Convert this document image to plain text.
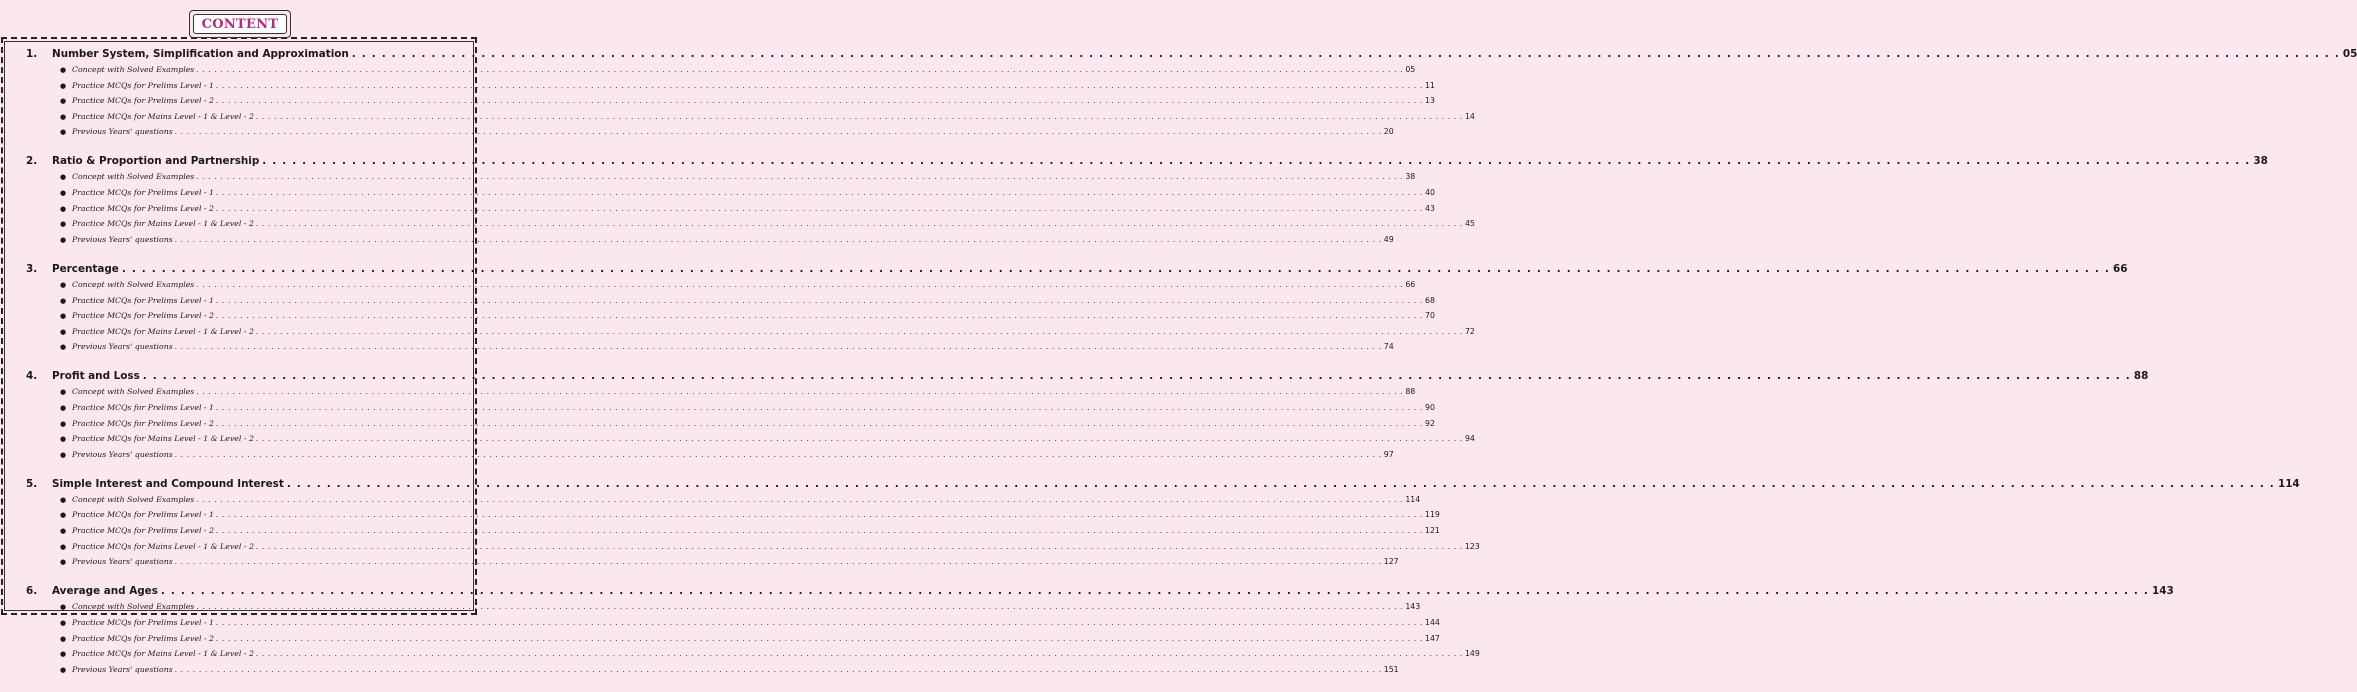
CONTENT
1.	Number System, Simplification and Approximation . . . . . . . . . . . . . . . . . . . . . . . . . . . . . . . . . . . . . . . . . . . . . . . . . . . . . . . . . . . . . . . . . . . . . . . . . . . . . . . . . . . . . . . . . . . . . . . . . . . . . . . . . . . . . . . . . . . . . . . . . . . . . . . . . . . . . . . . . . . . . . . . . . . . . . . . . . . . . . . . . . . . . . . . . . . . . . . . . . . . . . . . . . . . . . . . . . . . . . . . 05
● Concept with Solved Examples . . . . . . . . . . . . . . . . . . . . . . . . . . . . . . . . . . . . . . . . . . . . . . . . . . . . . . . . . . . . . . . . . . . . . . . . . . . . . . . . . . . . . . . . . . . . . . . . . . . . . . . . . . . . . . . . . . . . . . . . . . . . . . . . . . . . . . . . . . . . . . . . . . . . . . . . . . . . . . . . . . . . . . . . . . . . . . . . . . . . . . . . . . . . . . . . . . . . . . . . 05
● Practice MCQs for Prelims Level - 1 . . . . . . . . . . . . . . . . . . . . . . . . . . . . . . . . . . . . . . . . . . . . . . . . . . . . . . . . . . . . . . . . . . . . . . . . . . . . . . . . . . . . . . . . . . . . . . . . . . . . . . . . . . . . . . . . . . . . . . . . . . . . . . . . . . . . . . . . . . . . . . . . . . . . . . . . . . . . . . . . . . . . . . . . . . . . . . . . . . . . . . . . . . . . . . . . . . . . . . . . 11
● Practice MCQs for Prelims Level - 2 . . . . . . . . . . . . . . . . . . . . . . . . . . . . . . . . . . . . . . . . . . . . . . . . . . . . . . . . . . . . . . . . . . . . . . . . . . . . . . . . . . . . . . . . . . . . . . . . . . . . . . . . . . . . . . . . . . . . . . . . . . . . . . . . . . . . . . . . . . . . . . . . . . . . . . . . . . . . . . . . . . . . . . . . . . . . . . . . . . . . . . . . . . . . . . . . . . . . . . . . 13
● Practice MCQs for Mains Level - 1 & Level - 2 . . . . . . . . . . . . . . . . . . . . . . . . . . . . . . . . . . . . . . . . . . . . . . . . . . . . . . . . . . . . . . . . . . . . . . . . . . . . . . . . . . . . . . . . . . . . . . . . . . . . . . . . . . . . . . . . . . . . . . . . . . . . . . . . . . . . . . . . . . . . . . . . . . . . . . . . . . . . . . . . . . . . . . . . . . . . . . . . . . . . . . . . . . . . . . . . . . . . . . . . 14
● Previous Years' questions . . . . . . . . . . . . . . . . . . . . . . . . . . . . . . . . . . . . . . . . . . . . . . . . . . . . . . . . . . . . . . . . . . . . . . . . . . . . . . . . . . . . . . . . . . . . . . . . . . . . . . . . . . . . . . . . . . . . . . . . . . . . . . . . . . . . . . . . . . . . . . . . . . . . . . . . . . . . . . . . . . . . . . . . . . . . . . . . . . . . . . . . . . . . . . . . . . . . . . . . 20
2.	Ratio & Proportion and Partnership . . . . . . . . . . . . . . . . . . . . . . . . . . . . . . . . . . . . . . . . . . . . . . . . . . . . . . . . . . . . . . . . . . . . . . . . . . . . . . . . . . . . . . . . . . . . . . . . . . . . . . . . . . . . . . . . . . . . . . . . . . . . . . . . . . . . . . . . . . . . . . . . . . . . . . . . . . . . . . . . . . . . . . . . . . . . . . . . . . . . . . . . . . . . . . . . . . . . . . . . 38
● Concept with Solved Examples . . . . . . . . . . . . . . . . . . . . . . . . . . . . . . . . . . . . . . . . . . . . . . . . . . . . . . . . . . . . . . . . . . . . . . . . . . . . . . . . . . . . . . . . . . . . . . . . . . . . . . . . . . . . . . . . . . . . . . . . . . . . . . . . . . . . . . . . . . . . . . . . . . . . . . . . . . . . . . . . . . . . . . . . . . . . . . . . . . . . . . . . . . . . . . . . . . . . . . . . 38
● Practice MCQs for Prelims Level - 1 . . . . . . . . . . . . . . . . . . . . . . . . . . . . . . . . . . . . . . . . . . . . . . . . . . . . . . . . . . . . . . . . . . . . . . . . . . . . . . . . . . . . . . . . . . . . . . . . . . . . . . . . . . . . . . . . . . . . . . . . . . . . . . . . . . . . . . . . . . . . . . . . . . . . . . . . . . . . . . . . . . . . . . . . . . . . . . . . . . . . . . . . . . . . . . . . . . . . . . . . 40
● Practice MCQs for Prelims Level - 2 . . . . . . . . . . . . . . . . . . . . . . . . . . . . . . . . . . . . . . . . . . . . . . . . . . . . . . . . . . . . . . . . . . . . . . . . . . . . . . . . . . . . . . . . . . . . . . . . . . . . . . . . . . . . . . . . . . . . . . . . . . . . . . . . . . . . . . . . . . . . . . . . . . . . . . . . . . . . . . . . . . . . . . . . . . . . . . . . . . . . . . . . . . . . . . . . . . . . . . . . 43
● Practice MCQs for Mains Level - 1 & Level - 2 . . . . . . . . . . . . . . . . . . . . . . . . . . . . . . . . . . . . . . . . . . . . . . . . . . . . . . . . . . . . . . . . . . . . . . . . . . . . . . . . . . . . . . . . . . . . . . . . . . . . . . . . . . . . . . . . . . . . . . . . . . . . . . . . . . . . . . . . . . . . . . . . . . . . . . . . . . . . . . . . . . . . . . . . . . . . . . . . . . . . . . . . . . . . . . . . . . . . . . . . 45
● Previous Years' questions . . . . . . . . . . . . . . . . . . . . . . . . . . . . . . . . . . . . . . . . . . . . . . . . . . . . . . . . . . . . . . . . . . . . . . . . . . . . . . . . . . . . . . . . . . . . . . . . . . . . . . . . . . . . . . . . . . . . . . . . . . . . . . . . . . . . . . . . . . . . . . . . . . . . . . . . . . . . . . . . . . . . . . . . . . . . . . . . . . . . . . . . . . . . . . . . . . . . . . . . 49
3.	Percentage . . . . . . . . . . . . . . . . . . . . . . . . . . . . . . . . . . . . . . . . . . . . . . . . . . . . . . . . . . . . . . . . . . . . . . . . . . . . . . . . . . . . . . . . . . . . . . . . . . . . . . . . . . . . . . . . . . . . . . . . . . . . . . . . . . . . . . . . . . . . . . . . . . . . . . . . . . . . . . . . . . . . . . . . . . . . . . . . . . . . . . . . . . . . . . . . . . . . . . . . 66
● Concept with Solved Examples . . . . . . . . . . . . . . . . . . . . . . . . . . . . . . . . . . . . . . . . . . . . . . . . . . . . . . . . . . . . . . . . . . . . . . . . . . . . . . . . . . . . . . . . . . . . . . . . . . . . . . . . . . . . . . . . . . . . . . . . . . . . . . . . . . . . . . . . . . . . . . . . . . . . . . . . . . . . . . . . . . . . . . . . . . . . . . . . . . . . . . . . . . . . . . . . . . . . . . . . 66
● Practice MCQs for Prelims Level - 1 . . . . . . . . . . . . . . . . . . . . . . . . . . . . . . . . . . . . . . . . . . . . . . . . . . . . . . . . . . . . . . . . . . . . . . . . . . . . . . . . . . . . . . . . . . . . . . . . . . . . . . . . . . . . . . . . . . . . . . . . . . . . . . . . . . . . . . . . . . . . . . . . . . . . . . . . . . . . . . . . . . . . . . . . . . . . . . . . . . . . . . . . . . . . . . . . . . . . . . . . 68
● Practice MCQs for Prelims Level - 2 . . . . . . . . . . . . . . . . . . . . . . . . . . . . . . . . . . . . . . . . . . . . . . . . . . . . . . . . . . . . . . . . . . . . . . . . . . . . . . . . . . . . . . . . . . . . . . . . . . . . . . . . . . . . . . . . . . . . . . . . . . . . . . . . . . . . . . . . . . . . . . . . . . . . . . . . . . . . . . . . . . . . . . . . . . . . . . . . . . . . . . . . . . . . . . . . . . . . . . . . 70
● Practice MCQs for Mains Level - 1 & Level - 2 . . . . . . . . . . . . . . . . . . . . . . . . . . . . . . . . . . . . . . . . . . . . . . . . . . . . . . . . . . . . . . . . . . . . . . . . . . . . . . . . . . . . . . . . . . . . . . . . . . . . . . . . . . . . . . . . . . . . . . . . . . . . . . . . . . . . . . . . . . . . . . . . . . . . . . . . . . . . . . . . . . . . . . . . . . . . . . . . . . . . . . . . . . . . . . . . . . . . . . . . 72
● Previous Years' questions . . . . . . . . . . . . . . . . . . . . . . . . . . . . . . . . . . . . . . . . . . . . . . . . . . . . . . . . . . . . . . . . . . . . . . . . . . . . . . . . . . . . . . . . . . . . . . . . . . . . . . . . . . . . . . . . . . . . . . . . . . . . . . . . . . . . . . . . . . . . . . . . . . . . . . . . . . . . . . . . . . . . . . . . . . . . . . . . . . . . . . . . . . . . . . . . . . . . . . . . 74
4.	Profit and Loss . . . . . . . . . . . . . . . . . . . . . . . . . . . . . . . . . . . . . . . . . . . . . . . . . . . . . . . . . . . . . . . . . . . . . . . . . . . . . . . . . . . . . . . . . . . . . . . . . . . . . . . . . . . . . . . . . . . . . . . . . . . . . . . . . . . . . . . . . . . . . . . . . . . . . . . . . . . . . . . . . . . . . . . . . . . . . . . . . . . . . . . . . . . . . . . . . . . . . . . . 88
● Concept with Solved Examples . . . . . . . . . . . . . . . . . . . . . . . . . . . . . . . . . . . . . . . . . . . . . . . . . . . . . . . . . . . . . . . . . . . . . . . . . . . . . . . . . . . . . . . . . . . . . . . . . . . . . . . . . . . . . . . . . . . . . . . . . . . . . . . . . . . . . . . . . . . . . . . . . . . . . . . . . . . . . . . . . . . . . . . . . . . . . . . . . . . . . . . . . . . . . . . . . . . . . . . . 88
● Practice MCQs for Prelims Level - 1 . . . . . . . . . . . . . . . . . . . . . . . . . . . . . . . . . . . . . . . . . . . . . . . . . . . . . . . . . . . . . . . . . . . . . . . . . . . . . . . . . . . . . . . . . . . . . . . . . . . . . . . . . . . . . . . . . . . . . . . . . . . . . . . . . . . . . . . . . . . . . . . . . . . . . . . . . . . . . . . . . . . . . . . . . . . . . . . . . . . . . . . . . . . . . . . . . . . . . . . . 90
● Practice MCQs for Prelims Level - 2 . . . . . . . . . . . . . . . . . . . . . . . . . . . . . . . . . . . . . . . . . . . . . . . . . . . . . . . . . . . . . . . . . . . . . . . . . . . . . . . . . . . . . . . . . . . . . . . . . . . . . . . . . . . . . . . . . . . . . . . . . . . . . . . . . . . . . . . . . . . . . . . . . . . . . . . . . . . . . . . . . . . . . . . . . . . . . . . . . . . . . . . . . . . . . . . . . . . . . . . . 92
● Practice MCQs for Mains Level - 1 & Level - 2 . . . . . . . . . . . . . . . . . . . . . . . . . . . . . . . . . . . . . . . . . . . . . . . . . . . . . . . . . . . . . . . . . . . . . . . . . . . . . . . . . . . . . . . . . . . . . . . . . . . . . . . . . . . . . . . . . . . . . . . . . . . . . . . . . . . . . . . . . . . . . . . . . . . . . . . . . . . . . . . . . . . . . . . . . . . . . . . . . . . . . . . . . . . . . . . . . . . . . . . . 94
● Previous Years' questions . . . . . . . . . . . . . . . . . . . . . . . . . . . . . . . . . . . . . . . . . . . . . . . . . . . . . . . . . . . . . . . . . . . . . . . . . . . . . . . . . . . . . . . . . . . . . . . . . . . . . . . . . . . . . . . . . . . . . . . . . . . . . . . . . . . . . . . . . . . . . . . . . . . . . . . . . . . . . . . . . . . . . . . . . . . . . . . . . . . . . . . . . . . . . . . . . . . . . . . . 97
5.	Simple Interest and Compound Interest . . . . . . . . . . . . . . . . . . . . . . . . . . . . . . . . . . . . . . . . . . . . . . . . . . . . . . . . . . . . . . . . . . . . . . . . . . . . . . . . . . . . . . . . . . . . . . . . . . . . . . . . . . . . . . . . . . . . . . . . . . . . . . . . . . . . . . . . . . . . . . . . . . . . . . . . . . . . . . . . . . . . . . . . . . . . . . . . . . . . . . . . . . . . . . . . . . . . . . . . 114
● Concept with Solved Examples . . . . . . . . . . . . . . . . . . . . . . . . . . . . . . . . . . . . . . . . . . . . . . . . . . . . . . . . . . . . . . . . . . . . . . . . . . . . . . . . . . . . . . . . . . . . . . . . . . . . . . . . . . . . . . . . . . . . . . . . . . . . . . . . . . . . . . . . . . . . . . . . . . . . . . . . . . . . . . . . . . . . . . . . . . . . . . . . . . . . . . . . . . . . . . . . . . . . . . . . 114
● Practice MCQs for Prelims Level - 1 . . . . . . . . . . . . . . . . . . . . . . . . . . . . . . . . . . . . . . . . . . . . . . . . . . . . . . . . . . . . . . . . . . . . . . . . . . . . . . . . . . . . . . . . . . . . . . . . . . . . . . . . . . . . . . . . . . . . . . . . . . . . . . . . . . . . . . . . . . . . . . . . . . . . . . . . . . . . . . . . . . . . . . . . . . . . . . . . . . . . . . . . . . . . . . . . . . . . . . . . 119
● Practice MCQs for Prelims Level - 2 . . . . . . . . . . . . . . . . . . . . . . . . . . . . . . . . . . . . . . . . . . . . . . . . . . . . . . . . . . . . . . . . . . . . . . . . . . . . . . . . . . . . . . . . . . . . . . . . . . . . . . . . . . . . . . . . . . . . . . . . . . . . . . . . . . . . . . . . . . . . . . . . . . . . . . . . . . . . . . . . . . . . . . . . . . . . . . . . . . . . . . . . . . . . . . . . . . . . . . . . 121
● Practice MCQs for Mains Level - 1 & Level - 2 . . . . . . . . . . . . . . . . . . . . . . . . . . . . . . . . . . . . . . . . . . . . . . . . . . . . . . . . . . . . . . . . . . . . . . . . . . . . . . . . . . . . . . . . . . . . . . . . . . . . . . . . . . . . . . . . . . . . . . . . . . . . . . . . . . . . . . . . . . . . . . . . . . . . . . . . . . . . . . . . . . . . . . . . . . . . . . . . . . . . . . . . . . . . . . . . . . . . . . . . 123
● Previous Years' questions . . . . . . . . . . . . . . . . . . . . . . . . . . . . . . . . . . . . . . . . . . . . . . . . . . . . . . . . . . . . . . . . . . . . . . . . . . . . . . . . . . . . . . . . . . . . . . . . . . . . . . . . . . . . . . . . . . . . . . . . . . . . . . . . . . . . . . . . . . . . . . . . . . . . . . . . . . . . . . . . . . . . . . . . . . . . . . . . . . . . . . . . . . . . . . . . . . . . . . . . 127
6.	Average and Ages . . . . . . . . . . . . . . . . . . . . . . . . . . . . . . . . . . . . . . . . . . . . . . . . . . . . . . . . . . . . . . . . . . . . . . . . . . . . . . . . . . . . . . . . . . . . . . . . . . . . . . . . . . . . . . . . . . . . . . . . . . . . . . . . . . . . . . . . . . . . . . . . . . . . . . . . . . . . . . . . . . . . . . . . . . . . . . . . . . . . . . . . . . . . . . . . . . . . . . . . 143
● Concept with Solved Examples . . . . . . . . . . . . . . . . . . . . . . . . . . . . . . . . . . . . . . . . . . . . . . . . . . . . . . . . . . . . . . . . . . . . . . . . . . . . . . . . . . . . . . . . . . . . . . . . . . . . . . . . . . . . . . . . . . . . . . . . . . . . . . . . . . . . . . . . . . . . . . . . . . . . . . . . . . . . . . . . . . . . . . . . . . . . . . . . . . . . . . . . . . . . . . . . . . . . . . . . 143
● Practice MCQs for Prelims Level - 1 . . . . . . . . . . . . . . . . . . . . . . . . . . . . . . . . . . . . . . . . . . . . . . . . . . . . . . . . . . . . . . . . . . . . . . . . . . . . . . . . . . . . . . . . . . . . . . . . . . . . . . . . . . . . . . . . . . . . . . . . . . . . . . . . . . . . . . . . . . . . . . . . . . . . . . . . . . . . . . . . . . . . . . . . . . . . . . . . . . . . . . . . . . . . . . . . . . . . . . . . 144
● Practice MCQs for Prelims Level - 2 . . . . . . . . . . . . . . . . . . . . . . . . . . . . . . . . . . . . . . . . . . . . . . . . . . . . . . . . . . . . . . . . . . . . . . . . . . . . . . . . . . . . . . . . . . . . . . . . . . . . . . . . . . . . . . . . . . . . . . . . . . . . . . . . . . . . . . . . . . . . . . . . . . . . . . . . . . . . . . . . . . . . . . . . . . . . . . . . . . . . . . . . . . . . . . . . . . . . . . . . 147
● Practice MCQs for Mains Level - 1 & Level - 2 . . . . . . . . . . . . . . . . . . . . . . . . . . . . . . . . . . . . . . . . . . . . . . . . . . . . . . . . . . . . . . . . . . . . . . . . . . . . . . . . . . . . . . . . . . . . . . . . . . . . . . . . . . . . . . . . . . . . . . . . . . . . . . . . . . . . . . . . . . . . . . . . . . . . . . . . . . . . . . . . . . . . . . . . . . . . . . . . . . . . . . . . . . . . . . . . . . . . . . . . 149
● Previous Years' questions . . . . . . . . . . . . . . . . . . . . . . . . . . . . . . . . . . . . . . . . . . . . . . . . . . . . . . . . . . . . . . . . . . . . . . . . . . . . . . . . . . . . . . . . . . . . . . . . . . . . . . . . . . . . . . . . . . . . . . . . . . . . . . . . . . . . . . . . . . . . . . . . . . . . . . . . . . . . . . . . . . . . . . . . . . . . . . . . . . . . . . . . . . . . . . . . . . . . . . . . 151
